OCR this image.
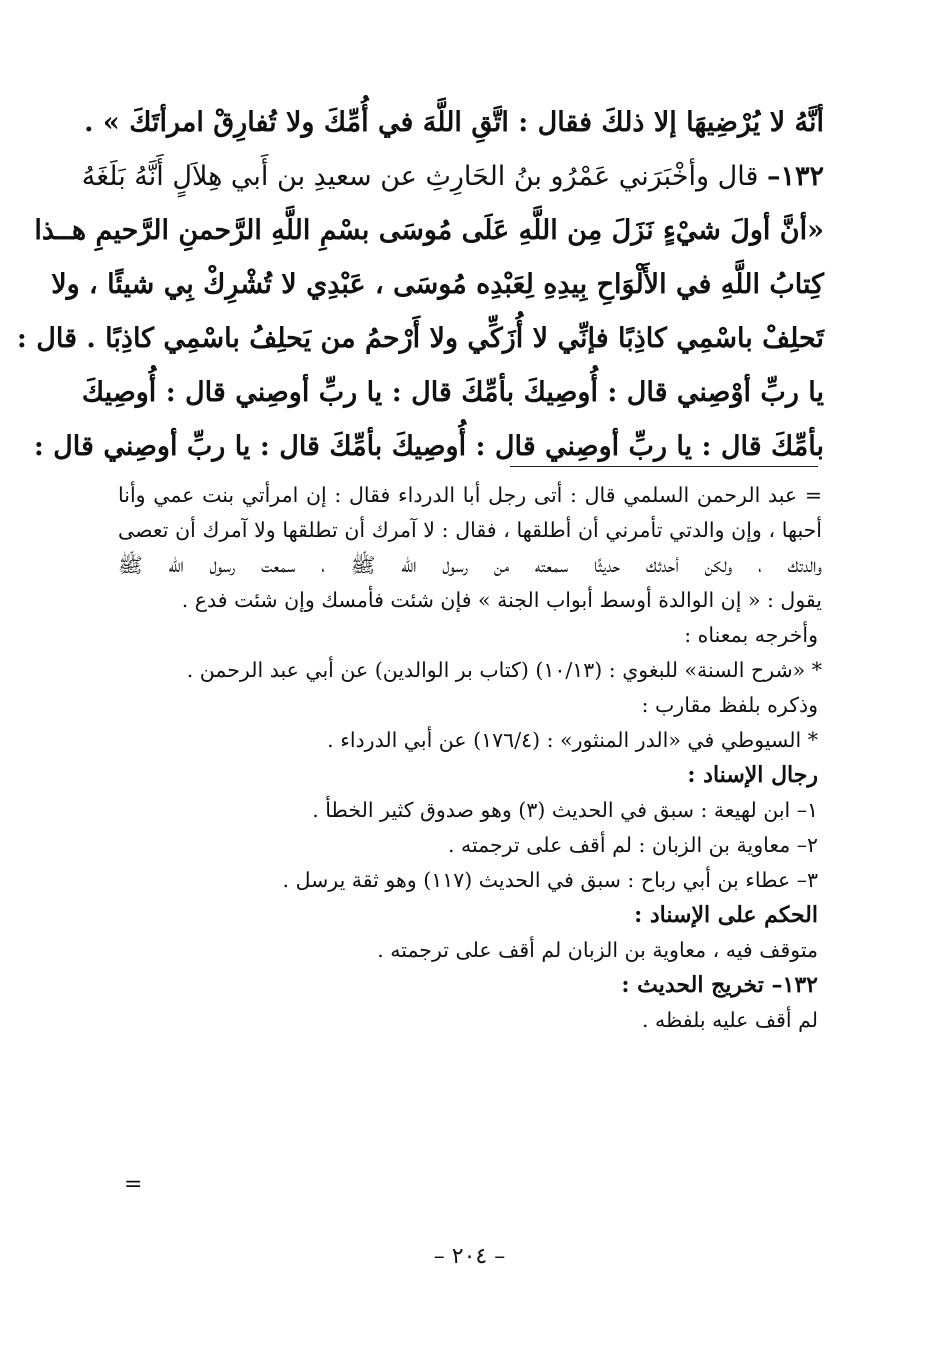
أنَّهُ لا يُرْضِيهَا إلا ذلكَ فقال : اتَّقِ اللَّهَ في أُمِّكَ ولا تُفارِقْ امرأتَكَ » .
١٣٢– قال وأخْبَرَني عَمْرُو بنُ الحَارِثِ عن سعيدِ بن أَبي هِلاَلٍ أَنَّهُ بَلَغَهُ
«أنَّ أولَ شيْءٍ نَزَلَ مِن اللَّهِ عَلَى مُوسَى بسْمِ اللَّهِ الرَّحمنِ الرَّحيمِ هــذا
كِتابُ اللَّهِ في الأَلْوَاحِ بِيدِهِ لِعَبْدِه مُوسَى ، عَبْدِي لا تُشْرِكْ بِي شيئًا ، ولا
تَحلِفْ باسْمِي كاذِبًا فإنِّي لا أُزَكِّي ولا أَرْحمُ من يَحلِفُ باسْمِي كاذِبًا . قال :
يا ربِّ أوْصِني قال : أُوصِيكَ بأمِّكَ قال : يا ربِّ أوصِني قال : أُوصِيكَ
بأمِّكَ قال : يا ربِّ أوصِني قال : أُوصِيكَ بأمِّكَ قال : يا ربِّ أوصِني قال :
= عبد الرحمن السلمي قال : أتى رجل أبا الدرداء فقال : إن امرأتي بنت عمي وأنا
أحبها ، وإن والدتي تأمرني أن أطلقها ، فقال : لا آمرك أن تطلقها ولا آمرك أن تعصى
والدتك ، ولكن أحدثك حديثًا سمعته من رسول الله ﷺ ، سمعت رسول الله ﷺ
يقول : « إن الوالدة أوسط أبواب الجنة » فإن شئت فأمسك وإن شئت فدع .
وأخرجه بمعناه :
* «شرح السنة» للبغوي : (١٠/١٣) (كتاب بر الوالدين) عن أبي عبد الرحمن .
وذكره بلفظ مقارب :
* السيوطي في «الدر المنثور» : (١٧٦/٤) عن أبي الدرداء .
رجال الإسناد :
١– ابن لهيعة : سبق في الحديث (٣) وهو صدوق كثير الخطأ .
٢– معاوية بن الزبان : لم أقف على ترجمته .
٣– عطاء بن أبي رباح : سبق في الحديث (١١٧) وهو ثقة يرسل .
الحكم على الإسناد :
متوقف فيه ، معاوية بن الزبان لم أقف على ترجمته .
١٣٢– تخريج الحديث :
لم أقف عليه بلفظه .
=
– ٢٠٤ –
